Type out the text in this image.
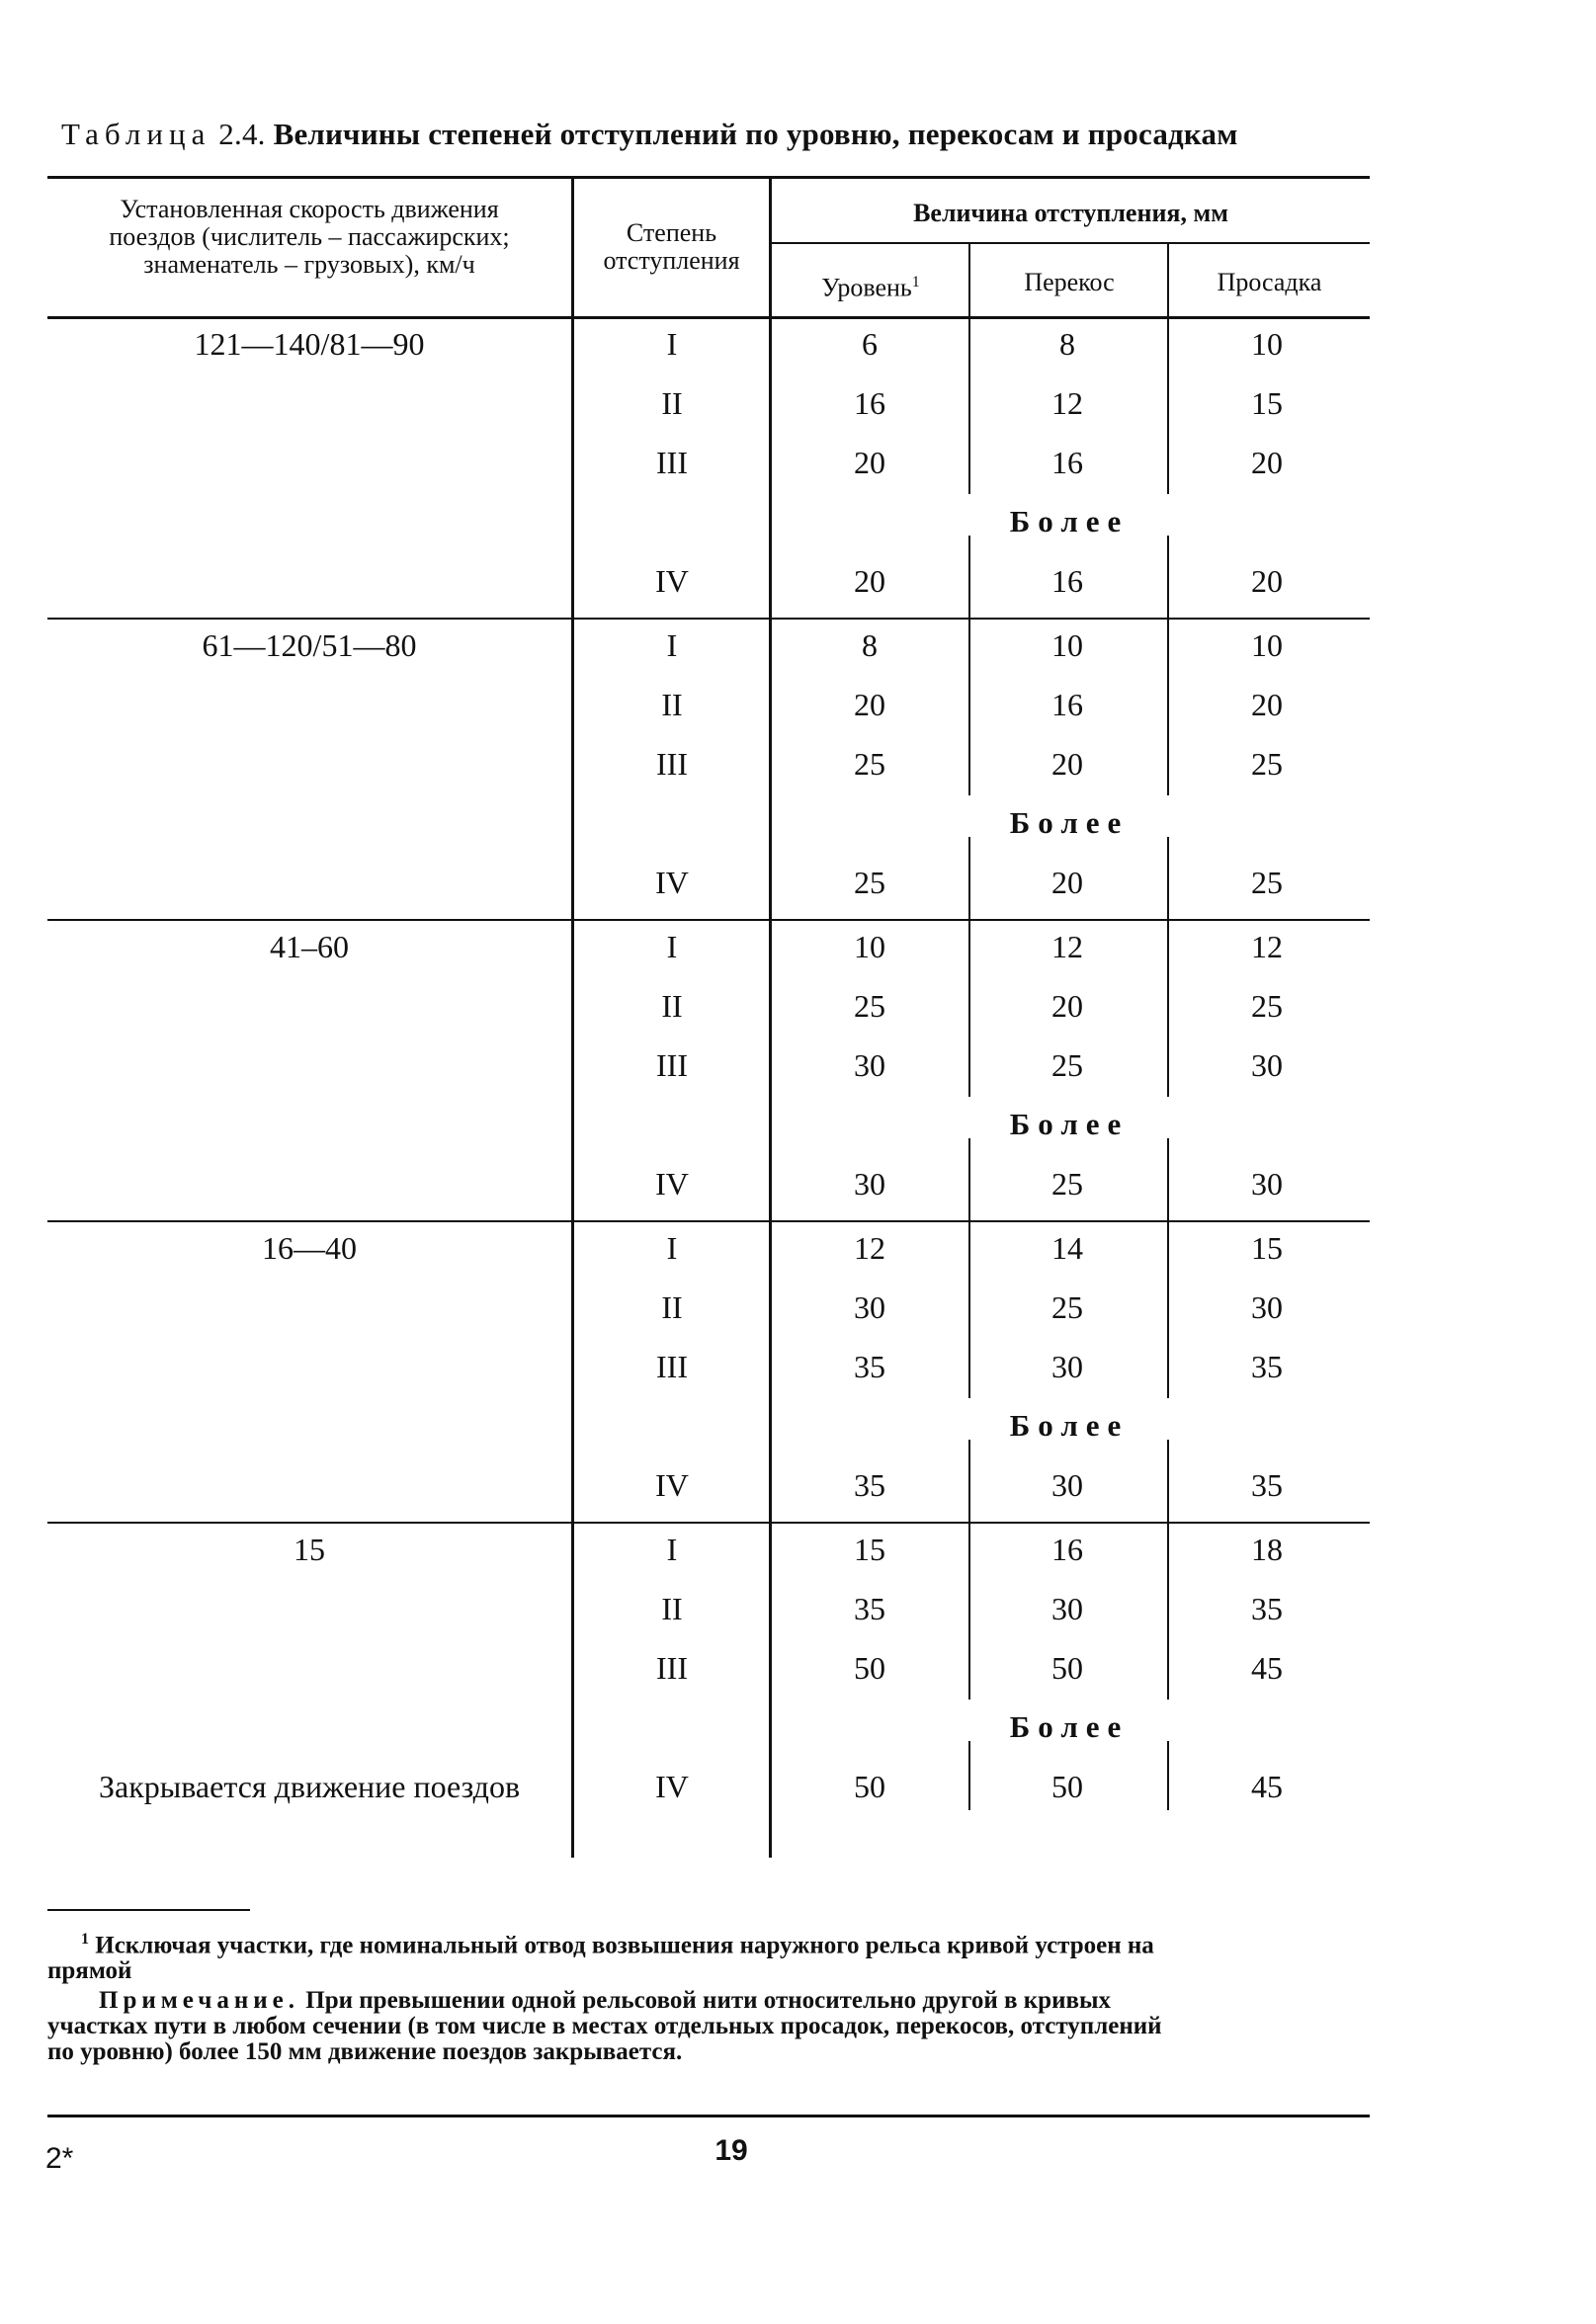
Таблица 2.4. Величины степеней отступлений по уровню, перекосам и просадкам
Установленная скорость движения
поездов (числитель – пассажирских;
знаменатель – грузовых), км/ч
Степень
отступления
Величина отступления, мм
Уровень$^1$	Перекос	Просадка
121—140/81—90	I	6	8	10
II	16	12	15
III	20	16	20
Более
IV	20	16	20
61—120/51—80	I	8	10	10
II	20	16	20
III	25	20	25
Более
IV	25	20	25
41–60	I	10	12	12
II	25	20	25
III	30	25	30
Более
IV	30	25	30
16—40	I	12	14	15
II	30	25	30
III	35	30	35
Более
IV	35	30	35
15	I	15	16	18
II	35	30	35
III	50	50	45
Более
IV	50	50	45
Закрывается движение поездов
$^1$ Исключая участки, где номинальный отвод возвышения наружного рельса кривой устроен на
прямой
Примечание. При превышении одной рельсовой нити относительно другой в кривых
участках пути в любом сечении (в том числе в местах отдельных просадок, перекосов, отступлений
по уровню) более 150 мм движение поездов закрывается.
2*	19
